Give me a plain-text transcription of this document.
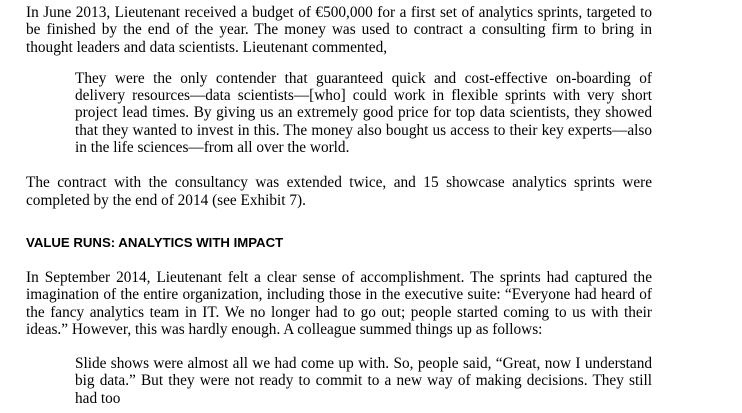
In June 2013, Lieutenant received a budget of €500,000 for a first set of analytics sprints, targeted to be finished by the end of the year. The money was used to contract a consulting firm to bring in thought leaders and data scientists. Lieutenant commented,

They were the only contender that guaranteed quick and cost-effective on-boarding of delivery resources—data scientists—[who] could work in flexible sprints with very short project lead times. By giving us an extremely good price for top data scientists, they showed that they wanted to invest in this. The money also bought us access to their key experts—also in the life sciences—from all over the world.

The contract with the consultancy was extended twice, and 15 showcase analytics sprints were completed by the end of 2014 (see Exhibit 7).

VALUE RUNS: ANALYTICS WITH IMPACT

In September 2014, Lieutenant felt a clear sense of accomplishment. The sprints had captured the imagination of the entire organization, including those in the executive suite: “Everyone had heard of the fancy analytics team in IT. We no longer had to go out; people started coming to us with their ideas.” However, this was hardly enough. A colleague summed things up as follows:

Slide shows were almost all we had come up with. So, people said, “Great, now I understand big data.” But they were not ready to commit to a new way of making decisions. They still had too
